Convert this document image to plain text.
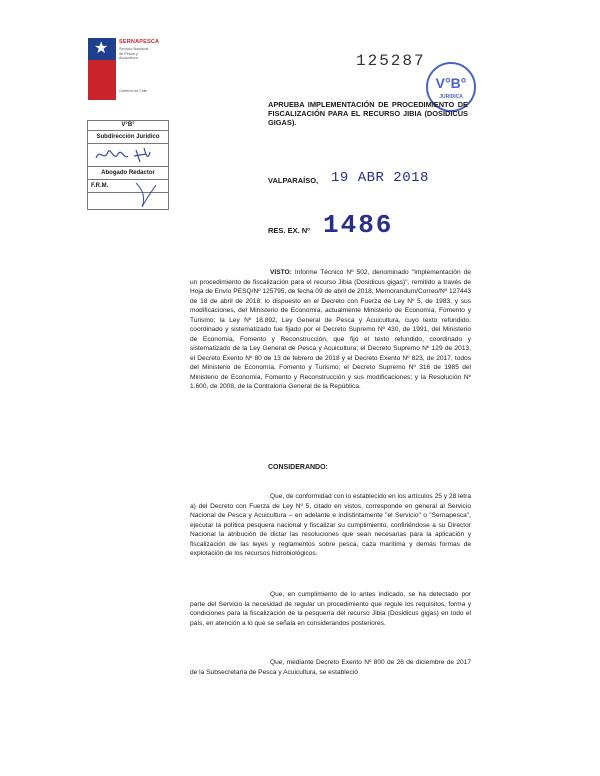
★ SERNAPESCA
Servicio Nacional de Pesca y Acuicultura
Gobierno de Chile
V°B°
Subdirección Jurídico
Abogado Redactor
F.R.M.
125287
V°B°
JURIDICA
APRUEBA IMPLEMENTACIÓN DE PROCEDIMIENTO DE FISCALIZACIÓN PARA EL RECURSO JIBIA (DOSIDICUS GIGAS).
VALPARAÍSO, 19 ABR 2018
RES. EX. Nº 1486
VISTO: Informe Técnico Nº 502, denominado "Implementación de un procedimiento de fiscalización para el recurso Jibia (Dosidicus gigas)", remitido a través de Hoja de Envío PESQ/Nº 125795, de fecha 09 de abril de 2018, Memorandum/Correo/Nº 127443 de 18 de abril de 2018; lo dispuesto en el Decreto con Fuerza de Ley Nº 5, de 1983, y sus modificaciones, del Ministerio de Economía, actualmente Ministerio de Economía, Fomento y Turismo; la Ley Nº 18.892, Ley General de Pesca y Acuicultura, cuyo texto refundido, coordinado y sistematizado fue fijado por el Decreto Supremo Nº 430, de 1991, del Ministerio de Economía, Fomento y Reconstrucción, que fijó el texto refundido, coordinado y sistematizado de la Ley General de Pesca y Acuicultura; el Decreto Supremo Nº 129 de 2013, el Decreto Exento Nº 80 de 13 de febrero de 2018 y el Decreto Exento Nº 823, de 2017, todos del Ministerio de Economía, Fomento y Turismo; el Decreto Supremo Nº 316 de 1985 del Ministerio de Economía, Fomento y Reconstrucción y sus modificaciones; y la Resolución Nº 1.600, de 2008, de la Contraloría General de la República.
CONSIDERANDO:
Que, de conformidad con lo establecido en los artículos 25 y 28 letra a) del Decreto con Fuerza de Ley Nº 5, citado en vistos, corresponde en general al Servicio Nacional de Pesca y Acuicultura – en adelante e indistintamente "el Servicio" o "Sernapesca", ejecutar la política pesquera nacional y fiscalizar su cumplimiento, confiriéndose a su Director Nacional la atribución de dictar las resoluciones que sean necesarias para la aplicación y fiscalización de las leyes y reglamentos sobre pesca, caza marítima y demás formas de explotación de los recursos hidrobiológicos.
Que, en cumplimiento de lo antes indicado, se ha detectado por parte del Servicio la necesidad de regular un procedimiento que regule los requisitos, forma y condiciones para la fiscalización de la pesquería del recurso Jibia (Dosidicus gigas) en todo el país, en atención a lo que se señala en considerandos posteriores.
Que, mediante Decreto Exento Nº 800 de 26 de diciembre de 2017 de la Subsecretaría de Pesca y Acuicultura, se estableció
